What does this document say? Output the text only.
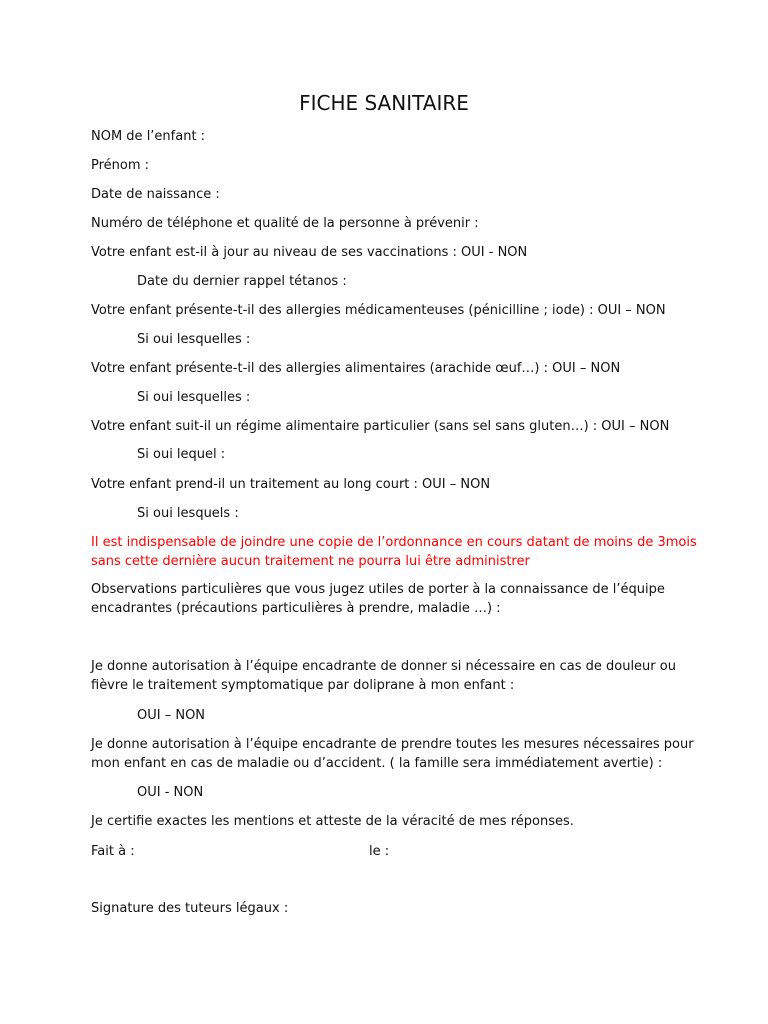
FICHE SANITAIRE

NOM de l’enfant :

Prénom :

Date de naissance :

Numéro de téléphone et qualité de la personne à prévenir :

Votre enfant est-il à jour au niveau de ses vaccinations : OUI - NON

Date du dernier rappel tétanos :

Votre enfant présente-t-il des allergies médicamenteuses (pénicilline ; iode) : OUI – NON

Si oui lesquelles :

Votre enfant présente-t-il des allergies alimentaires (arachide œuf…) : OUI – NON

Si oui lesquelles :

Votre enfant suit-il un régime alimentaire particulier (sans sel sans gluten…) : OUI – NON

Si oui lequel :

Votre enfant prend-il un traitement au long court : OUI – NON

Si oui lesquels :

Il est indispensable de joindre une copie de l’ordonnance en cours datant de moins de 3mois

sans cette dernière aucun traitement ne pourra lui être administrer

Observations particulières que vous jugez utiles de porter à la connaissance de l’équipe

encadrantes (précautions particulières à prendre, maladie …) :

Je donne autorisation à l’équipe encadrante de donner si nécessaire en cas de douleur ou

fièvre le traitement symptomatique par doliprane à mon enfant :

OUI – NON

Je donne autorisation à l’équipe encadrante de prendre toutes les mesures nécessaires pour

mon enfant en cas de maladie ou d’accident. ( la famille sera immédiatement avertie) :

OUI - NON

Je certifie exactes les mentions et atteste de la véracité de mes réponses.

Fait à :	le :

Signature des tuteurs légaux :
